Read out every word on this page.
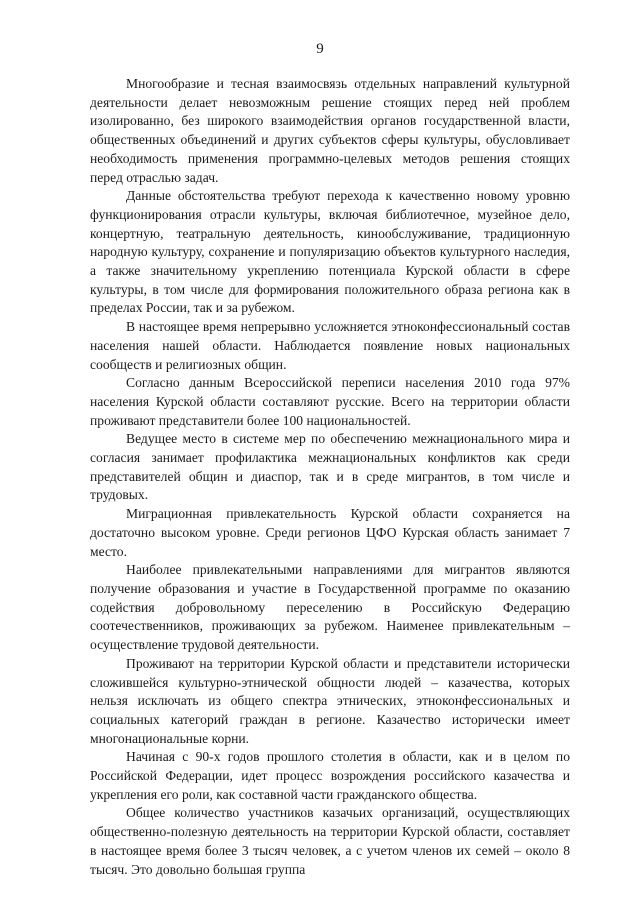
9

Многообразие и тесная взаимосвязь отдельных направлений культурной деятельности делает невозможным решение стоящих перед ней проблем изолированно, без широкого взаимодействия органов государственной власти, общественных объединений и других субъектов сферы культуры, обусловливает необходимость применения программно-целевых методов решения стоящих перед отраслью задач.

Данные обстоятельства требуют перехода к качественно новому уровню функционирования отрасли культуры, включая библиотечное, музейное дело, концертную, театральную деятельность, кинообслуживание, традиционную народную культуру, сохранение и популяризацию объектов культурного наследия, а также значительному укреплению потенциала Курской области в сфере культуры, в том числе для формирования положительного образа региона как в пределах России, так и за рубежом.

В настоящее время непрерывно усложняется этноконфессиональный состав населения нашей области. Наблюдается появление новых национальных сообществ и религиозных общин.

Согласно данным Всероссийской переписи населения 2010 года 97% населения Курской области составляют русские. Всего на территории области проживают представители более 100 национальностей.

Ведущее место в системе мер по обеспечению межнационального мира и согласия занимает профилактика межнациональных конфликтов как среди представителей общин и диаспор, так и в среде мигрантов, в том числе и трудовых.

Миграционная привлекательность Курской области сохраняется на достаточно высоком уровне. Среди регионов ЦФО Курская область занимает 7 место.

Наиболее привлекательными направлениями для мигрантов являются получение образования и участие в Государственной программе по оказанию содействия добровольному переселению в Российскую Федерацию соотечественников, проживающих за рубежом. Наименее привлекательным – осуществление трудовой деятельности.

Проживают на территории Курской области и представители исторически сложившейся культурно-этнической общности людей – казачества, которых нельзя исключать из общего спектра этнических, этноконфессиональных и социальных категорий граждан в регионе. Казачество исторически имеет многонациональные корни.

Начиная с 90-х годов прошлого столетия в области, как и в целом по Российской Федерации, идет процесс возрождения российского казачества и укрепления его роли, как составной части гражданского общества.

Общее количество участников казачьих организаций, осуществляющих общественно-полезную деятельность на территории Курской области, составляет в настоящее время более 3 тысяч человек, а с учетом членов их семей – около 8 тысяч. Это довольно большая группа
